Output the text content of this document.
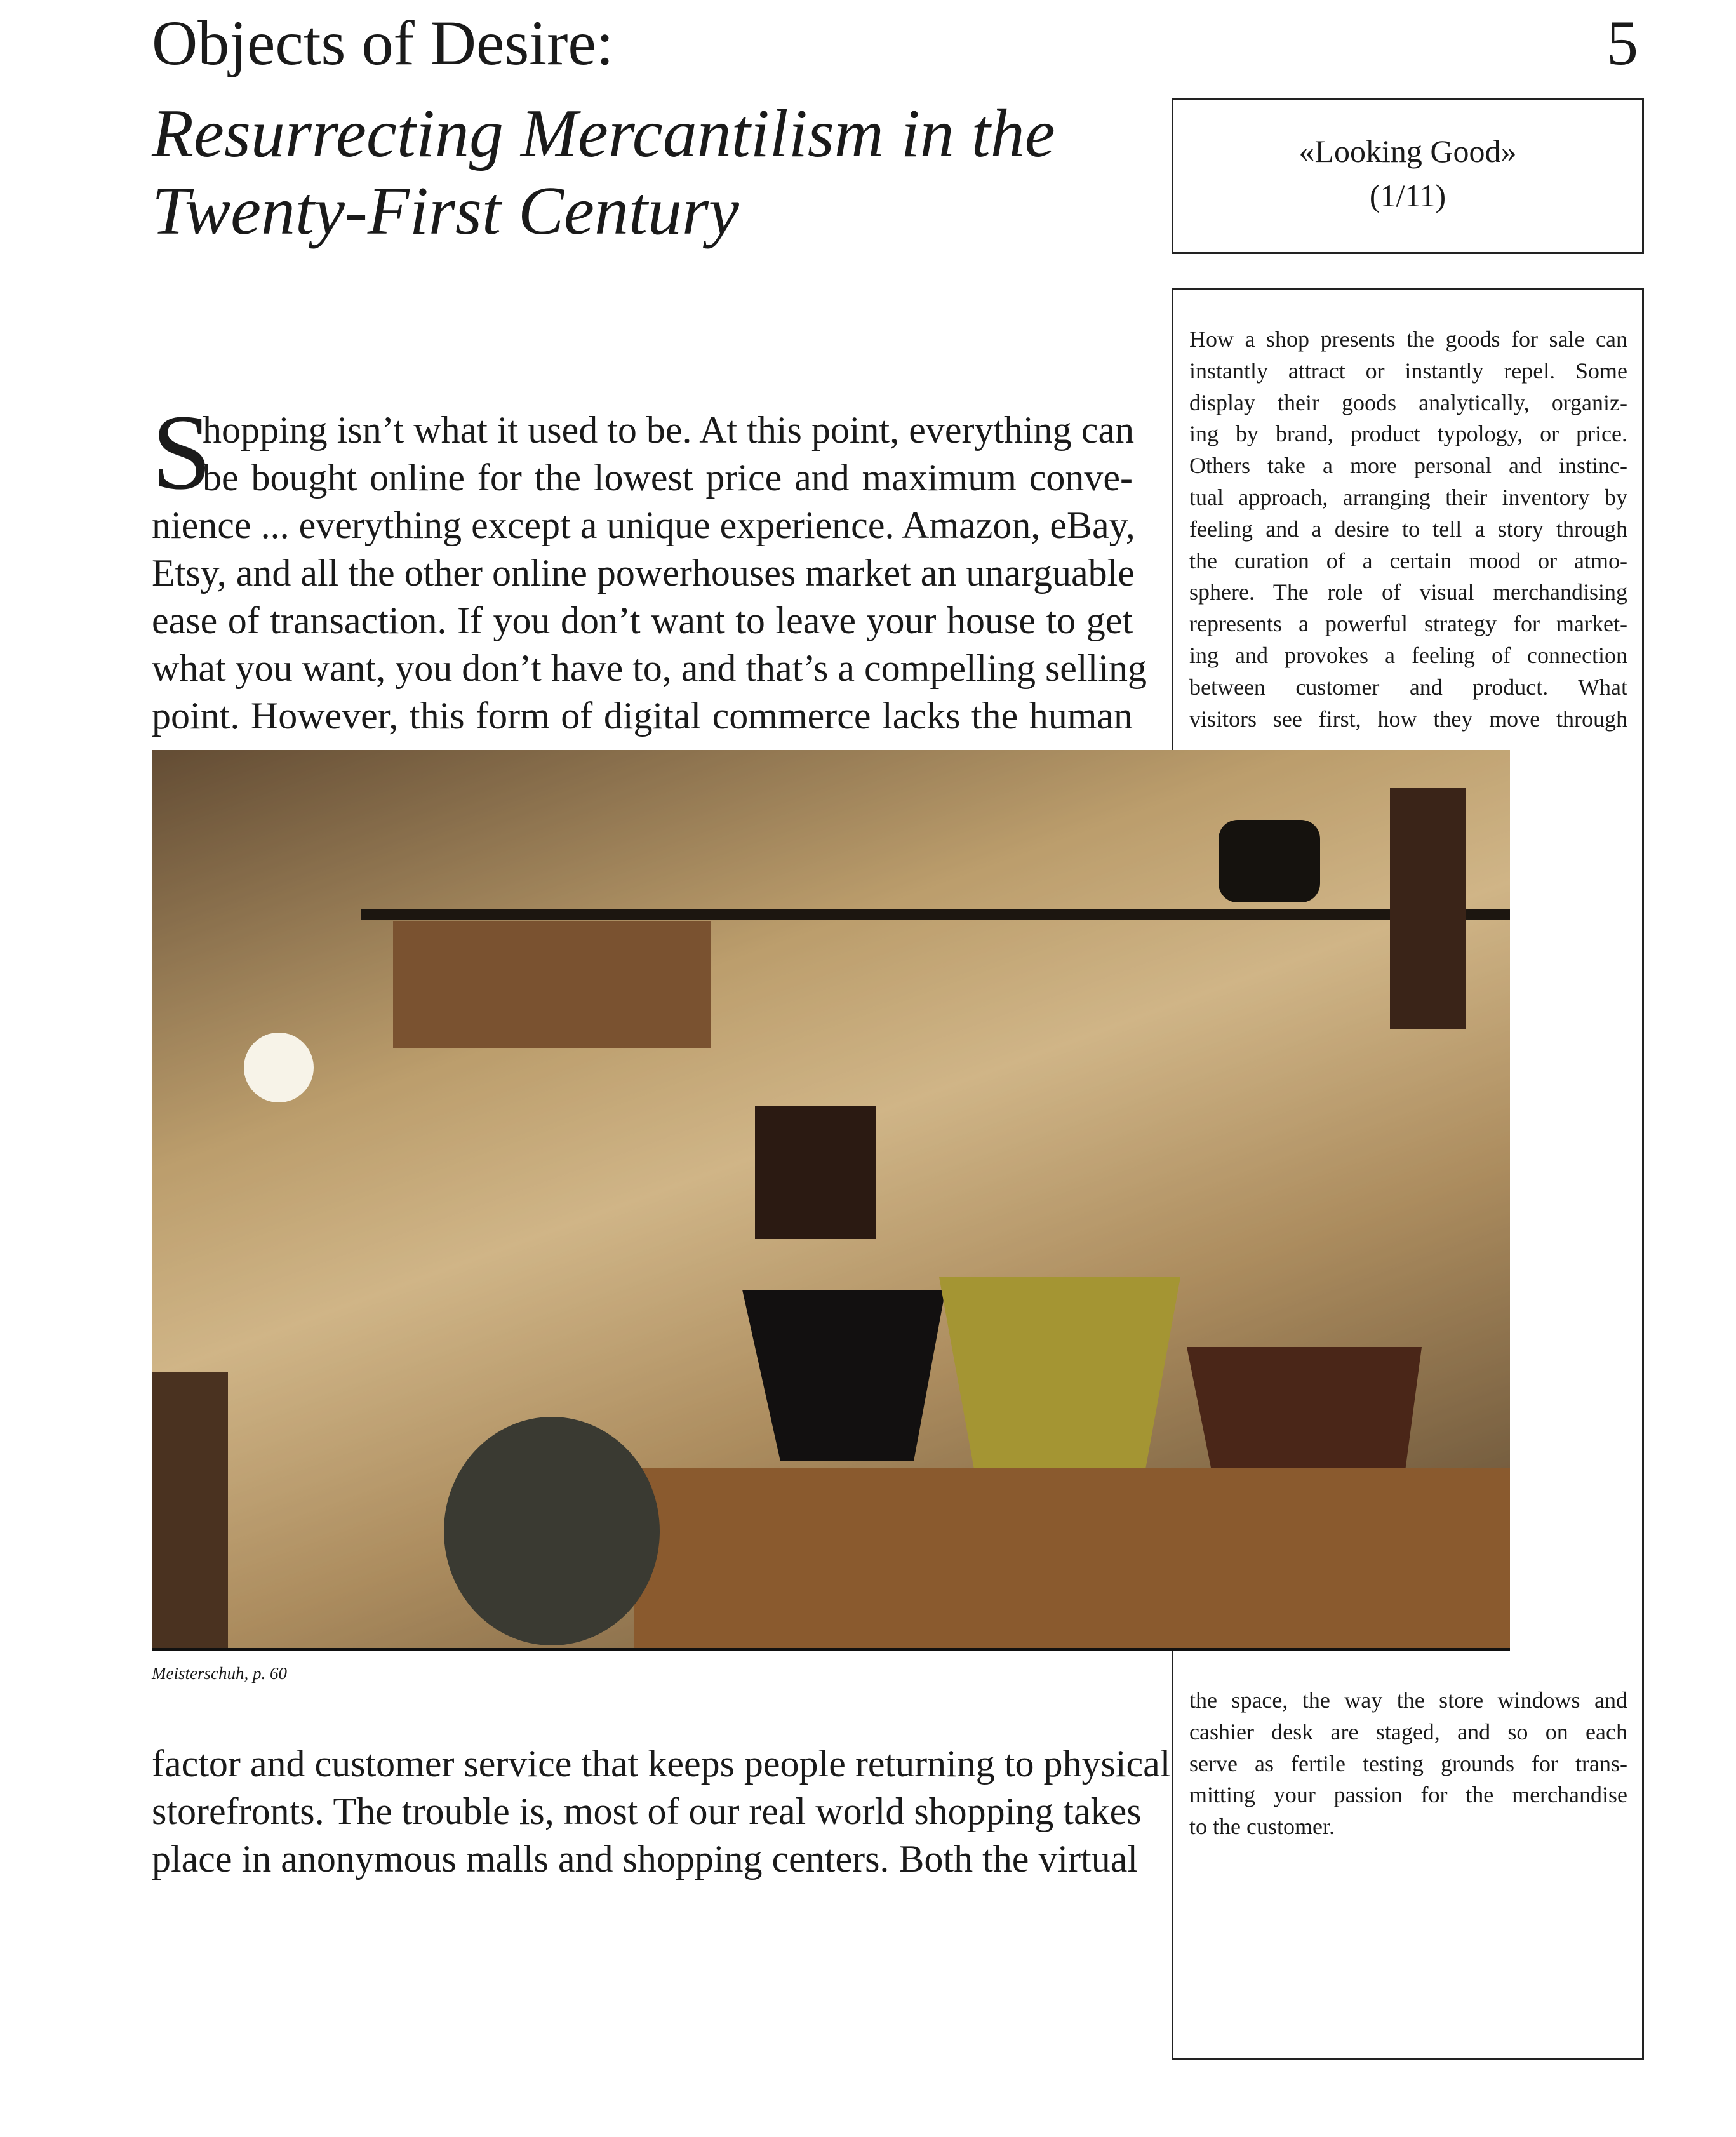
Objects of Desire:	5
Resurrecting Mercantilism in the
Twenty-First Century
«Looking Good»
(1/11)
How a shop presents the goods for sale can
instantly attract or instantly repel. Some
display their goods analytically, organiz-
ing by brand, product typology, or price.
Others take a more personal and instinc-
tual approach, arranging their inventory by
feeling and a desire to tell a story through
the curation of a certain mood or atmo-
sphere. The role of visual merchandising
represents a powerful strategy for market-
ing and provokes a feeling of connection
between customer and product. What
visitors see first, how they move through
the space, the way the store windows and
cashier desk are staged, and so on each
serve as fertile testing grounds for trans-
mitting your passion for the merchandise
to the customer.
S
hopping isn’t what it used to be. At this point, everything can
be bought online for the lowest price and maximum conve-
nience ... everything except a unique experience. Amazon, eBay,
Etsy, and all the other online powerhouses market an unarguable
ease of transaction. If you don’t want to leave your house to get
what you want, you don’t have to, and that’s a compelling selling
point. However, this form of digital commerce lacks the human
factor and customer service that keeps people returning to physical
storefronts. The trouble is, most of our real world shopping takes
place in anonymous malls and shopping centers. Both the virtual
Meisterschuh, p. 60
